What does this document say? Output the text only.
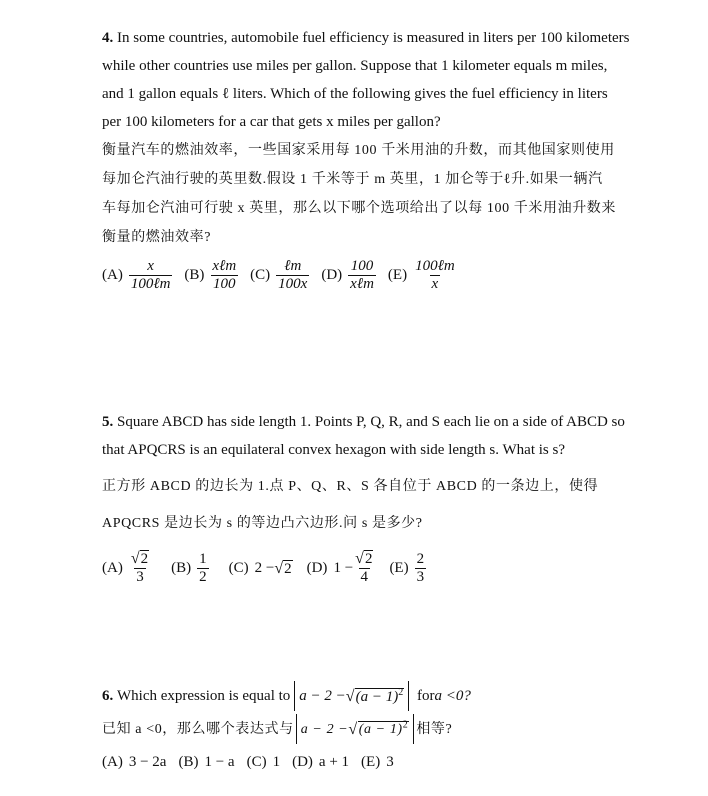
4. In some countries, automobile fuel efficiency is measured in liters per 100 kilometers
while other countries use miles per gallon. Suppose that 1 kilometer equals m miles,
and 1 gallon equals ℓ liters. Which of the following gives the fuel efficiency in liters
per 100 kilometers for a car that gets x miles per gallon?
衡量汽车的燃油效率，一些国家采用每 100 千米用油的升数，而其他国家则使用
每加仑汽油行驶的英里数.假设 1 千米等于 m 英里，1 加仑等于ℓ升.如果一辆汽
车每加仑汽油可行驶 x 英里，那么以下哪个选项给出了以每 100 千米用油升数来
衡量的燃油效率?
$(A) \frac{x}{\text{100ℓm}} (B) \frac{\text{xℓm}}{100} (C) \frac{\text{ℓm}}{100x} (D) \frac{100}{\text{xℓm}} (E) \frac{\text{100ℓm}}{x}$
5. Square ABCD has side length 1. Points P, Q, R, and S each lie on a side of ABCD so
that APQCRS is an equilateral convex hexagon with side length s. What is s?
正方形 ABCD 的边长为 1.点 P、Q、R、S 各自位于 ABCD 的一条边上，使得
APQCRS 是边长为 s 的等边凸六边形.问 s 是多少?
$(A) \frac{√ 2}{3} (B) \frac{1}{2} (C) 2$ − √ 2 (D) $1 - \frac{√ 2}{4} (E) \frac{2}{3}$
6.
Which expression is equal to a − 2 − √ $(a - 1)^2$
for a <0?
已知 a <0，那么哪个表达式与 a − 2 − √ $(a - 1)^2$ 相等?
(A) 3 − 2a (B) 1 − a (C) 1 (D) a + 1 (E) 3
